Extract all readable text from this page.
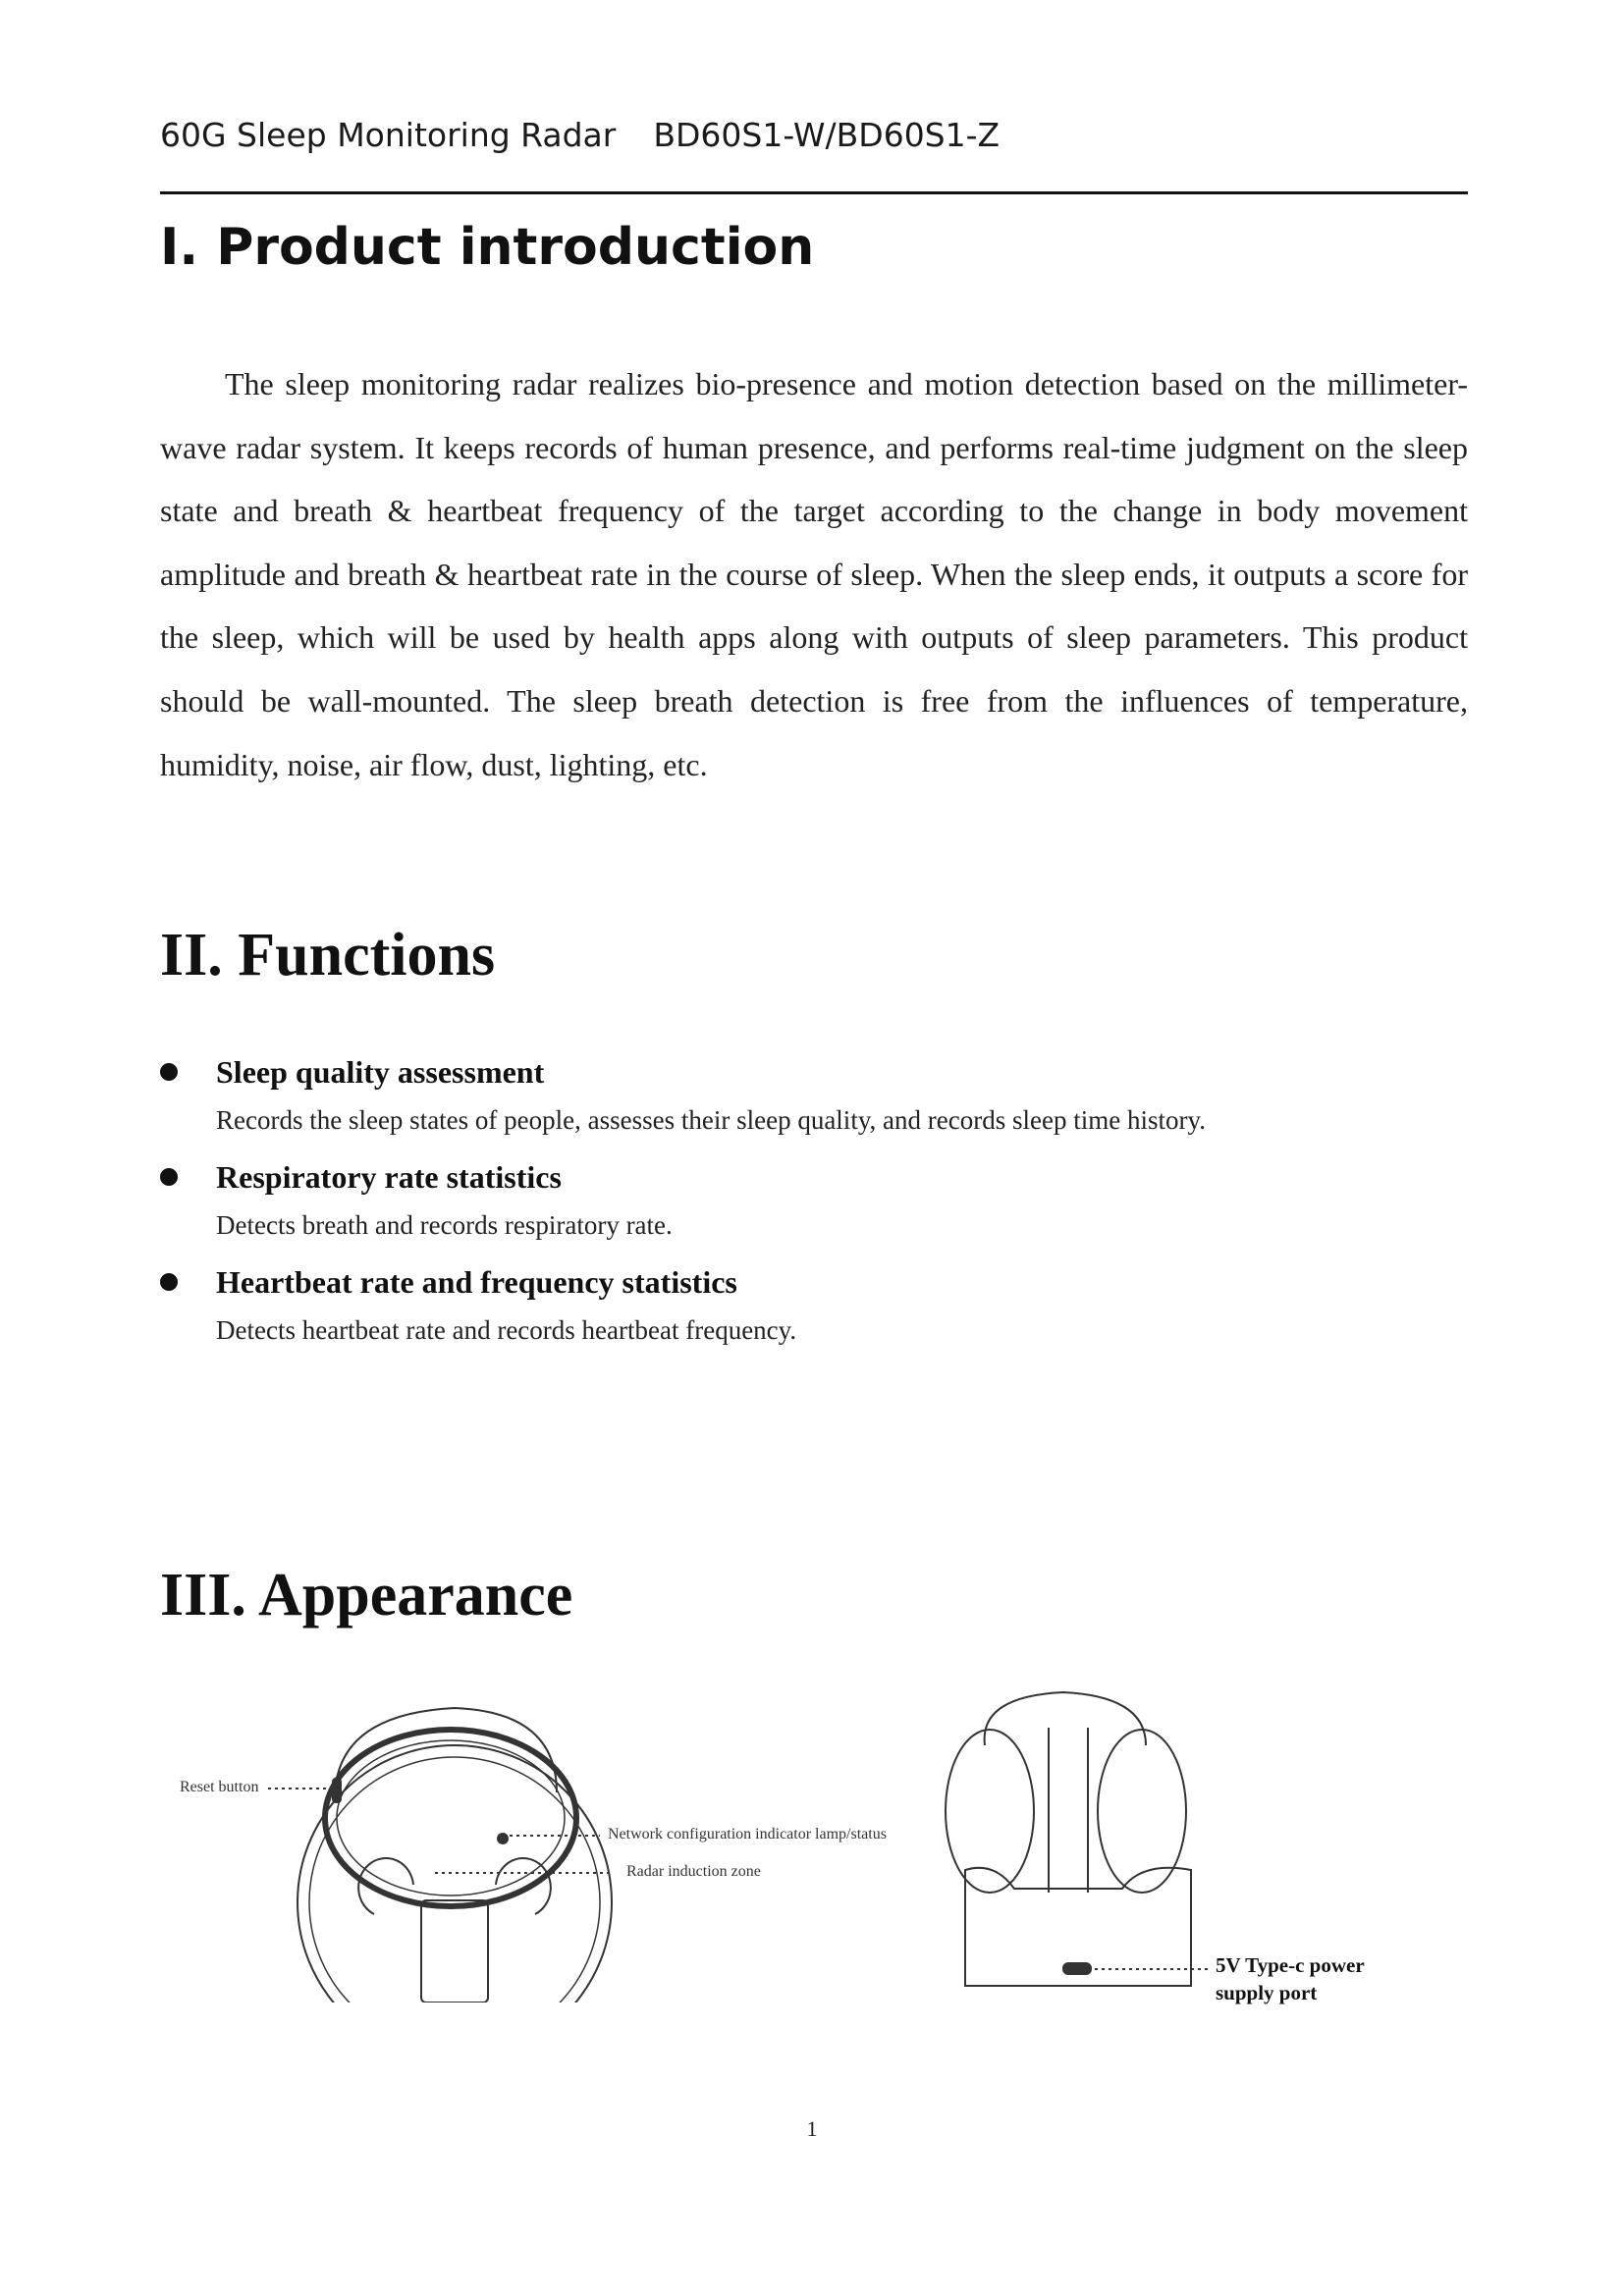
60G Sleep Monitoring Radar BD60S1-W/BD60S1-Z
I. Product introduction

The sleep monitoring radar realizes bio-presence and motion detection based on the millimeter-wave radar system. It keeps records of human presence, and performs real-time judgment on the sleep state and breath & heartbeat frequency of the target according to the change in body movement amplitude and breath & heartbeat rate in the course of sleep. When the sleep ends, it outputs a score for the sleep, which will be used by health apps along with outputs of sleep parameters. This product should be wall-mounted. The sleep breath detection is free from the influences of temperature, humidity, noise, air flow, dust, lighting, etc.

II. Functions
Sleep quality assessment
Records the sleep states of people, assesses their sleep quality, and records sleep time history.
Respiratory rate statistics
Detects breath and records respiratory rate.
Heartbeat rate and frequency statistics
Detects heartbeat rate and records heartbeat frequency.
III. Appearance
Reset button
Network configuration indicator lamp/status
Radar induction zone
5V Type-c power
supply port
1
